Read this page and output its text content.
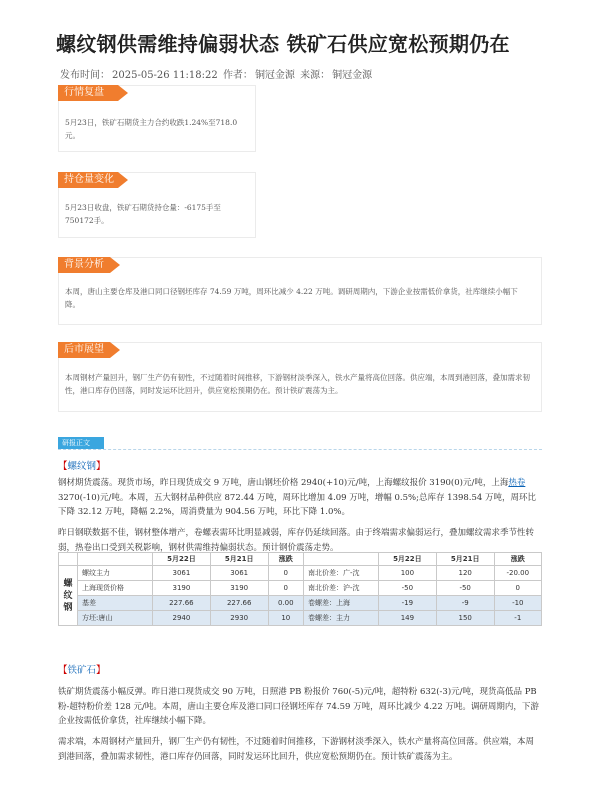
螺纹钢供需维持偏弱状态 铁矿石供应宽松预期仍在
发布时间： 2025-05-26 11:18:22 作者： 铜冠金源 来源： 铜冠金源
行情复盘
5月23日，铁矿石期货主力合约收跌1.24%至718.0元。
持仓量变化
5月23日收盘，铁矿石期货持仓量：-6175手至750172手。
背景分析
本周，唐山主要仓库及港口同口径钢坯库存 74.59 万吨，周环比减少 4.22 万吨。调研周期内，下游企业按需低价拿货，社库继续小幅下降。
后市展望
本周钢材产量回升，钢厂生产仍有韧性，不过随着时间推移，下游钢材淡季深入，铁水产量将高位回落。供应端，本周到港回落，叠加需求韧性，港口库存仍回落，同时发运环比回升，供应宽松预期仍在。预计铁矿震荡为主。
研报正文
【螺纹钢】
钢材期货震荡。现货市场，昨日现货成交 9 万吨，唐山钢坯价格 2940(+10)元/吨，上海螺纹报价 3190(0)元/吨，上海热卷3270(-10)元/吨。本周，五大钢材品种供应 872.44 万吨，周环比增加 4.09 万吨，增幅 0.5%;总库存 1398.54 万吨，周环比下降 32.12 万吨，降幅 2.2%，周消费量为 904.56 万吨，环比下降 1.0%。
昨日钢联数据不佳，钢材整体增产，卷螺表需环比明显减弱，库存仍延续回落。由于终端需求偏弱运行，叠加螺纹需求季节性转弱，热卷出口受到关税影响，钢材供需维持偏弱状态。预计钢价震荡走势。
		5月22日	5月21日	涨跌		5月22日	5月21日	涨跌

螺
纹
钢	螺纹主力	3061	3061	0	南北价差：广-沈	100	120	-20.00
	上海现货价格	3190	3190	0	南北价差：沪-沈	-50	-50	0
	基差	227.66	227.66	0.00	卷螺差：上海	-19	-9	-10
	方坯:唐山	2940	2930	10	卷螺差：主力	149	150	-1
【铁矿石】
铁矿期货震荡小幅反弹。昨日港口现货成交 90 万吨，日照港 PB 粉报价 760(-5)元/吨，超特粉 632(-3)元/吨，现货高低品 PB 粉-超特粉价差 128 元/吨。本周，唐山主要仓库及港口同口径钢坯库存 74.59 万吨，周环比减少 4.22 万吨。调研周期内，下游企业按需低价拿货，社库继续小幅下降。
需求端，本周钢材产量回升，钢厂生产仍有韧性，不过随着时间推移，下游钢材淡季深入，铁水产量将高位回落。供应端，本周到港回落，叠加需求韧性，港口库存仍回落，同时发运环比回升，供应宽松预期仍在。预计铁矿震荡为主。
